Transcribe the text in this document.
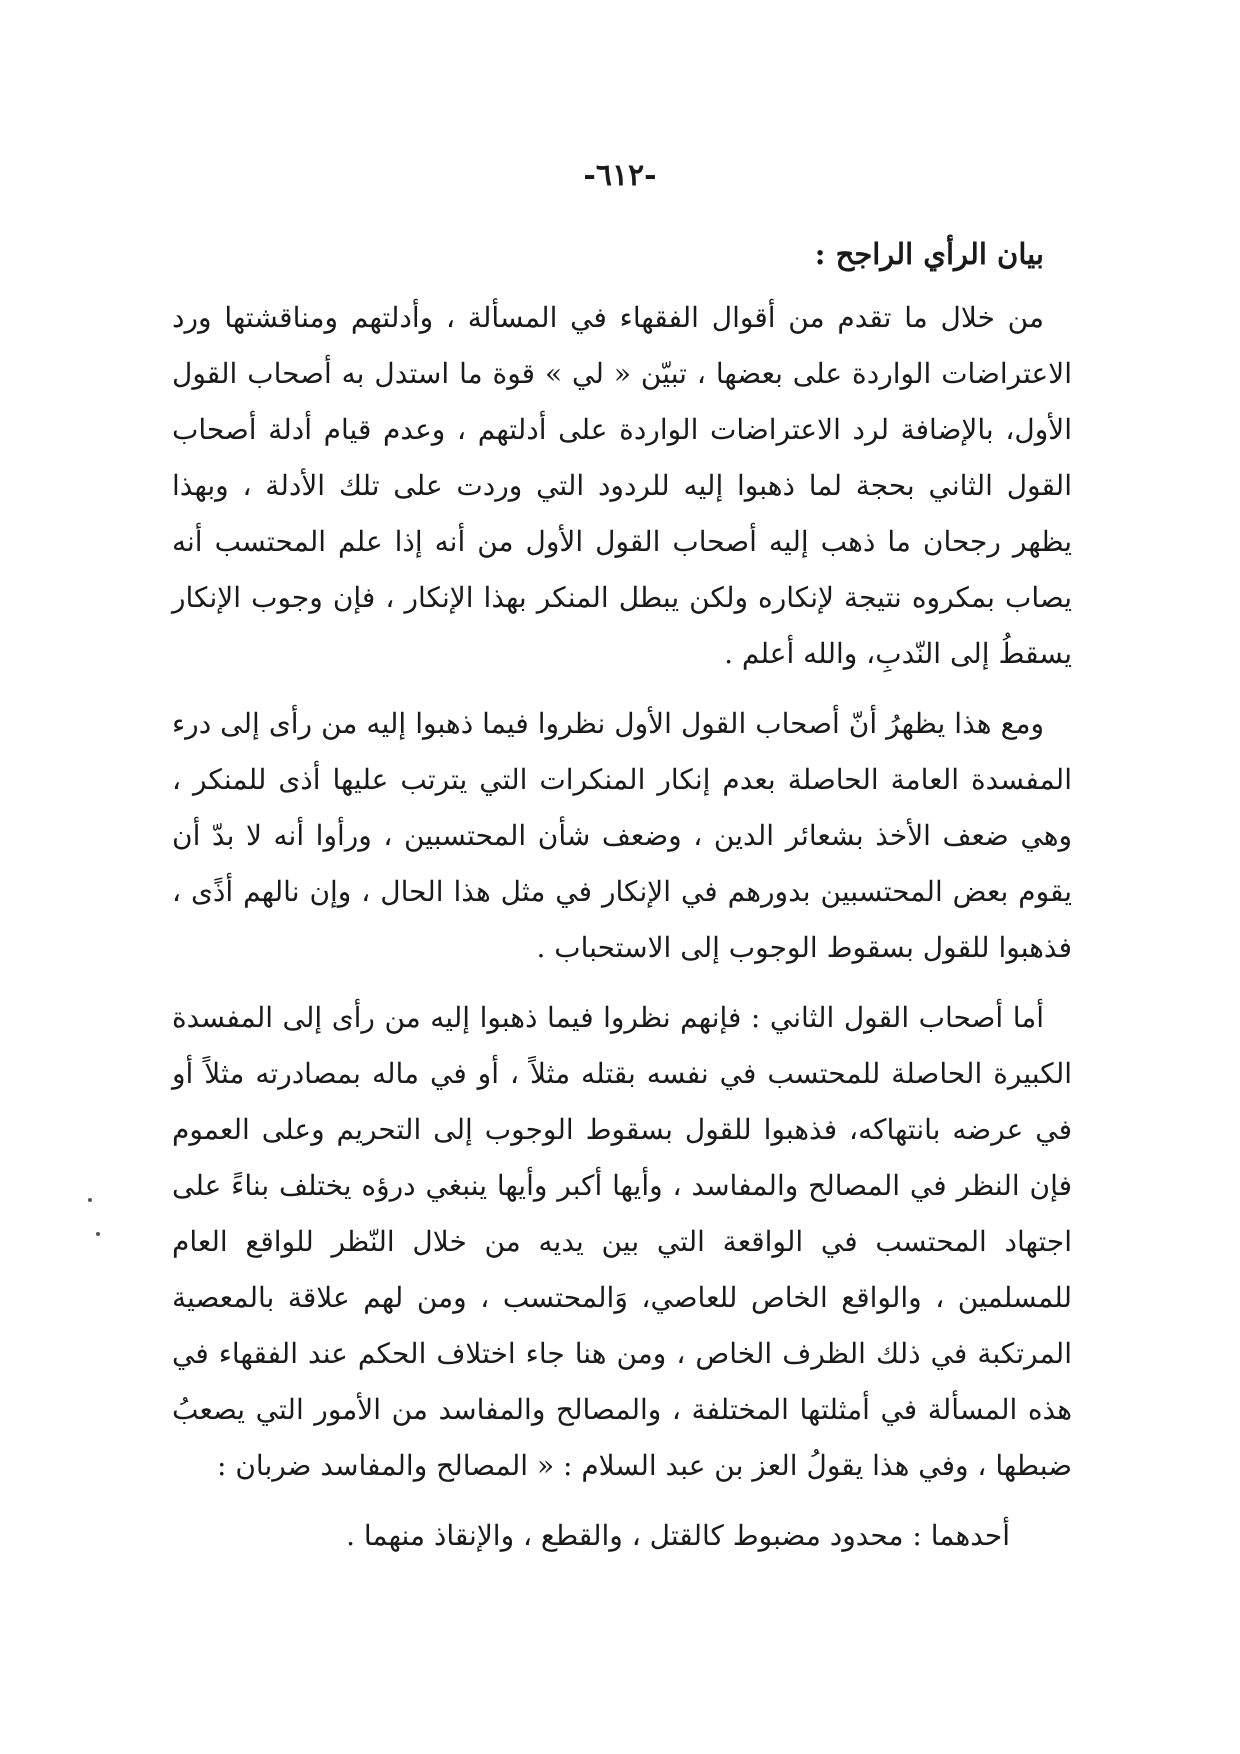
-٦١٢-
بيان الرأي الراجح :

من خلال ما تقدم من أقوال الفقهاء في المسألة ، وأدلتهم ومناقشتها ورد الاعتراضات الواردة على بعضها ، تبيّن « لي » قوة ما استدل به أصحاب القول الأول، بالإضافة لرد الاعتراضات الواردة على أدلتهم ، وعدم قيام أدلة أصحاب القول الثاني بحجة لما ذهبوا إليه للردود التي وردت على تلك الأدلة ، وبهذا يظهر رجحان ما ذهب إليه أصحاب القول الأول من أنه إذا علم المحتسب أنه يصاب بمكروه نتيجة لإنكاره ولكن يبطل المنكر بهذا الإنكار ، فإن وجوب الإنكار يسقطُ إلى النّدبِ، والله أعلم .

ومع هذا يظهرُ أنّ أصحاب القول الأول نظروا فيما ذهبوا إليه من رأى إلى درء المفسدة العامة الحاصلة بعدم إنكار المنكرات التي يترتب عليها أذى للمنكر ، وهي ضعف الأخذ بشعائر الدين ، وضعف شأن المحتسبين ، ورأوا أنه لا بدّ أن يقوم بعض المحتسبين بدورهم في الإنكار في مثل هذا الحال ، وإن نالهم أذًى ، فذهبوا للقول بسقوط الوجوب إلى الاستحباب .

أما أصحاب القول الثاني : فإنهم نظروا فيما ذهبوا إليه من رأى إلى المفسدة الكبيرة الحاصلة للمحتسب في نفسه بقتله مثلاً ، أو في ماله بمصادرته مثلاً أو في عرضه بانتهاكه، فذهبوا للقول بسقوط الوجوب إلى التحريم وعلى العموم فإن النظر في المصالح والمفاسد ، وأيها أكبر وأيها ينبغي درؤه يختلف بناءً على اجتهاد المحتسب في الواقعة التي بين يديه من خلال النّظر للواقع العام للمسلمين ، والواقع الخاص للعاصي، وَالمحتسب ، ومن لهم علاقة بالمعصية المرتكبة في ذلك الظرف الخاص ، ومن هنا جاء اختلاف الحكم عند الفقهاء في هذه المسألة في أمثلتها المختلفة ، والمصالح والمفاسد من الأمور التي يصعبُ ضبطها ، وفي هذا يقولُ العز بن عبد السلام : « المصالح والمفاسد ضربان :

أحدهما : محدود مضبوط كالقتل ، والقطع ، والإنقاذ منهما .
